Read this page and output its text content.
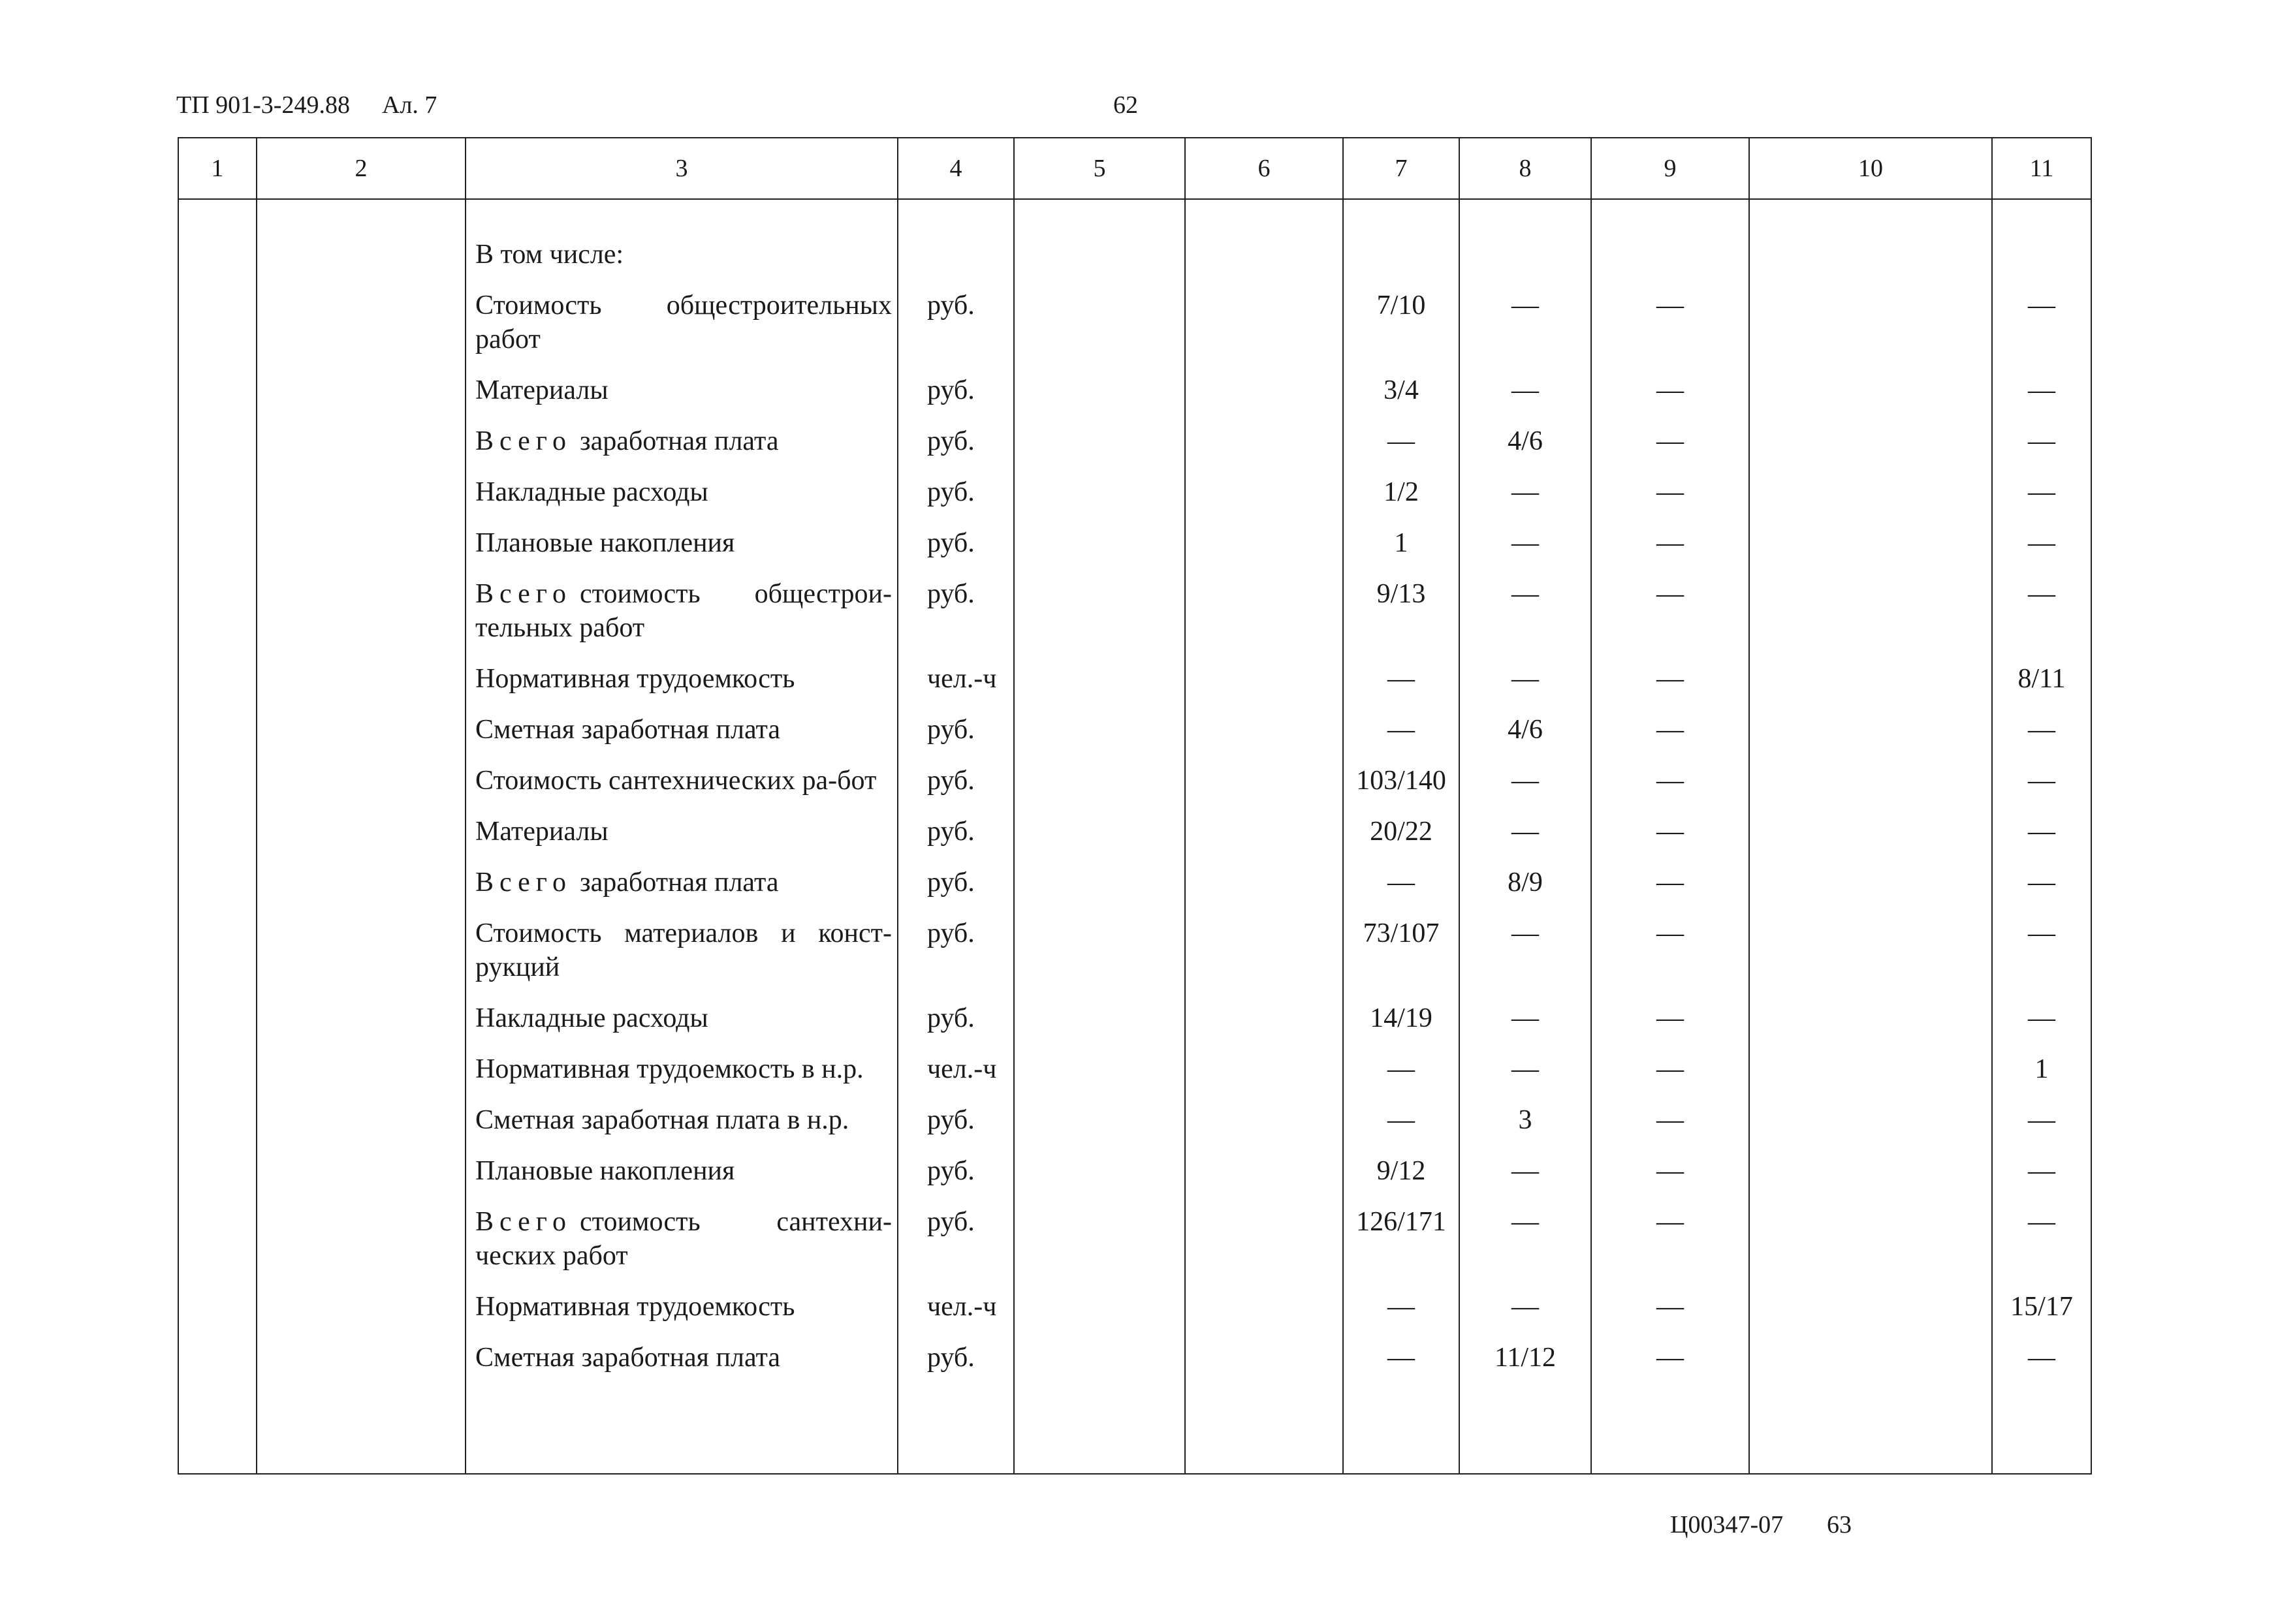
ТП 901-3-249.88 Ал. 7	62
1	2	3	4	5	6	7	8	9	10	11

		В том числе:								
		Стоимость общестроительных работ	руб.			7/10	—	—		—
		Материалы	руб.			3/4	—	—		—
		Всего заработная плата	руб.			—	4/6	—		—
		Накладные расходы	руб.			1/2	—	—		—
		Плановые накопления	руб.			1	—	—		—
		Всего стоимость общестрои-тельных работ	руб.			9/13	—	—		—
		Нормативная трудоемкость	чел.-ч			—	—	—		8/11
		Сметная заработная плата	руб.			—	4/6	—		—
		Стоимость сантехнических ра-бот	руб.			103/140	—	—		—
		Материалы	руб.			20/22	—	—		—
		Всего заработная плата	руб.			—	8/9	—		—
		Стоимость материалов и конст-рукций	руб.			73/107	—	—		—
		Накладные расходы	руб.			14/19	—	—		—
		Нормативная трудоемкость в н.р.	чел.-ч			—	—	—		1
		Сметная заработная плата в н.р.	руб.			—	3	—		—
		Плановые накопления	руб.			9/12	—	—		—
		Всего стоимость сантехни-ческих работ	руб.			126/171	—	—		—
		Нормативная трудоемкость	чел.-ч			—	—	—		15/17
		Сметная заработная плата	руб.			—	11/12	—		—

Ц00347-07 63
